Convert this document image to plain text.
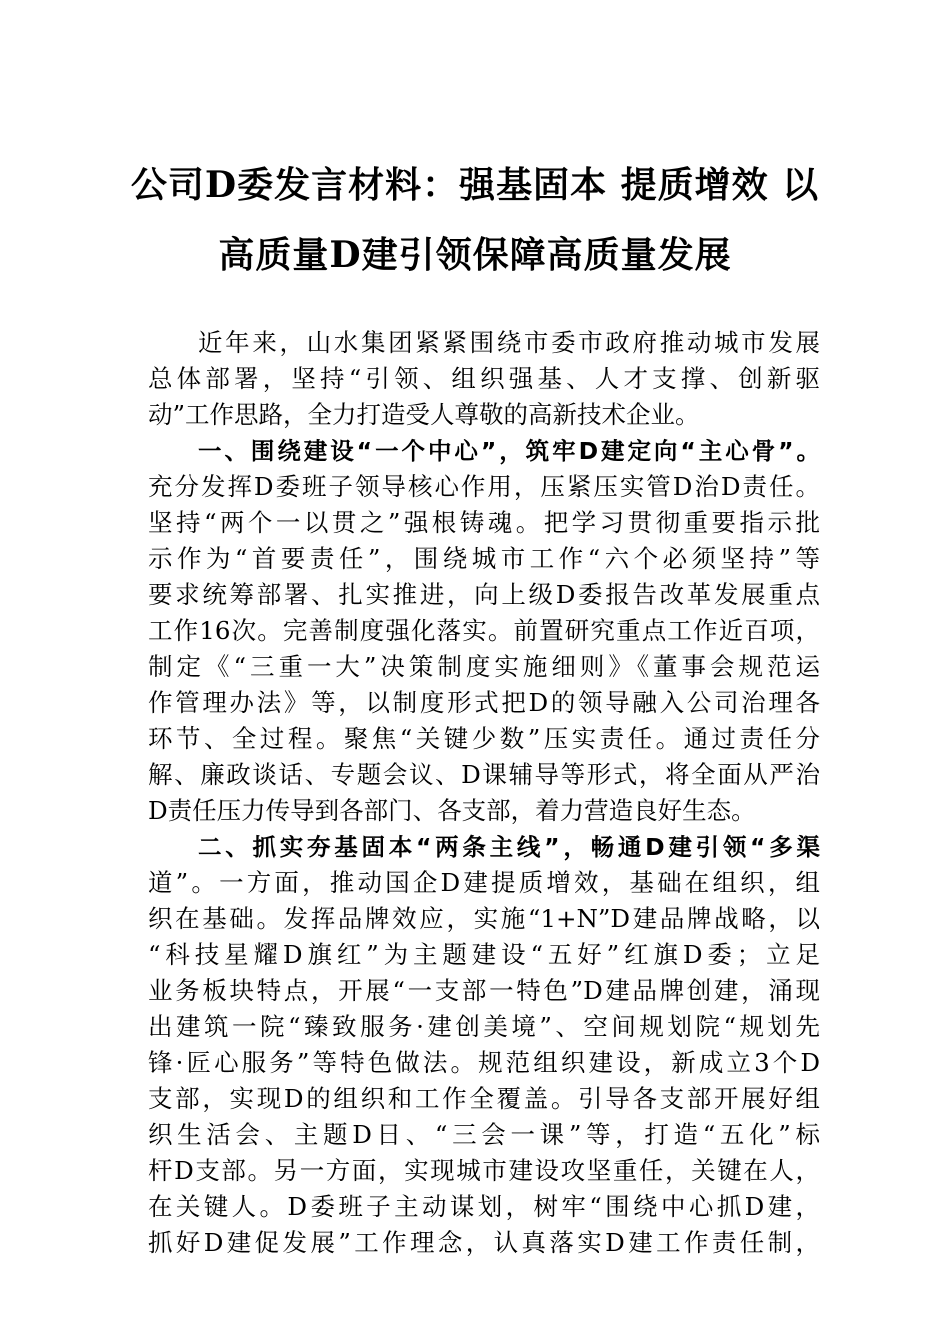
公司D委发言材料：强基固本 提质增效 以
高质量D建引领保障高质量发展
近年来，山水集团紧紧围绕市委市政府推动城市发展
总体部署，坚持“引领、组织强基、人才支撑、创新驱
动”工作思路，全力打造受人尊敬的高新技术企业。
一、围绕建设“一个中心”，筑牢D建定向“主心骨”。
充分发挥D委班子领导核心作用，压紧压实管D治D责任。
坚持“两个一以贯之”强根铸魂。把学习贯彻重要指示批
示作为“首要责任”，围绕城市工作“六个必须坚持”等
要求统筹部署、扎实推进，向上级D委报告改革发展重点
工作16次。完善制度强化落实。前置研究重点工作近百项，
制定《“三重一大”决策制度实施细则》《董事会规范运
作管理办法》等，以制度形式把D的领导融入公司治理各
环节、全过程。聚焦“关键少数”压实责任。通过责任分
解、廉政谈话、专题会议、D课辅导等形式，将全面从严治
D责任压力传导到各部门、各支部，着力营造良好生态。
二、抓实夯基固本“两条主线”，畅通D建引领“多渠
道”。一方面，推动国企D建提质增效，基础在组织，组
织在基础。发挥品牌效应，实施“1+N”D建品牌战略，以
“科技星耀D旗红”为主题建设“五好”红旗D委；立足
业务板块特点，开展“一支部一特色”D建品牌创建，涌现
出建筑一院“臻致服务·建创美境”、空间规划院“规划先
锋·匠心服务”等特色做法。规范组织建设，新成立3个D
支部，实现D的组织和工作全覆盖。引导各支部开展好组
织生活会、主题D日、“三会一课”等，打造“五化”标
杆D支部。另一方面，实现城市建设攻坚重任，关键在人，
在关键人。D委班子主动谋划，树牢“围绕中心抓D建，
抓好D建促发展”工作理念，认真落实D建工作责任制，
